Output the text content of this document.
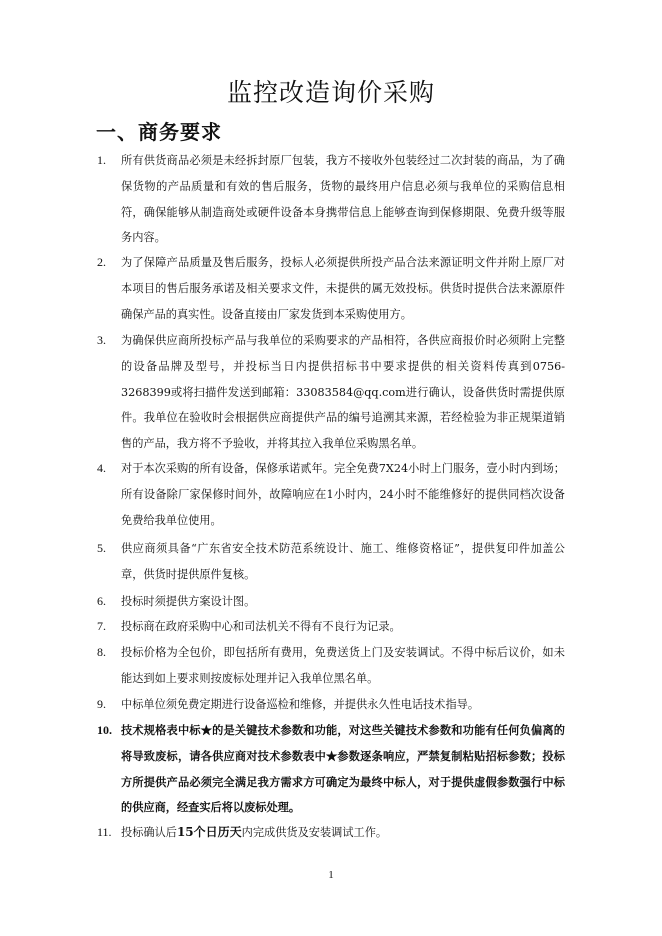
监控改造询价采购
一、商务要求
1.	所有供货商品必须是未经拆封原厂包装，我方不接收外包装经过二次封装的商品，为了确保货物的产品质量和有效的售后服务，货物的最终用户信息必须与我单位的采购信息相符，确保能够从制造商处或硬件设备本身携带信息上能够查询到保修期限、免费升级等服务内容。
2.	为了保障产品质量及售后服务，投标人必须提供所投产品合法来源证明文件并附上原厂对本项目的售后服务承诺及相关要求文件，未提供的属无效投标。供货时提供合法来源原件确保产品的真实性。设备直接由厂家发货到本采购使用方。
3.	为确保供应商所投标产品与我单位的采购要求的产品相符，各供应商报价时必须附上完整的设备品牌及型号，并投标当日内提供招标书中要求提供的相关资料传真到0756-3268399或将扫描件发送到邮箱：33083584@qq.com进行确认，设备供货时需提供原件。我单位在验收时会根据供应商提供产品的编号追溯其来源，若经检验为非正规渠道销售的产品，我方将不予验收，并将其拉入我单位采购黑名单。
4.	对于本次采购的所有设备，保修承诺贰年。完全免费7X24小时上门服务，壹小时内到场；所有设备除厂家保修时间外，故障响应在1小时内，24小时不能维修好的提供同档次设备免费给我单位使用。
5.	供应商须具备“广东省安全技术防范系统设计、施工、维修资格证”，提供复印件加盖公章，供货时提供原件复核。
6.	投标时须提供方案设计图。
7.	投标商在政府采购中心和司法机关不得有不良行为记录。
8.	投标价格为全包价，即包括所有费用，免费送货上门及安装调试。不得中标后议价，如未能达到如上要求则按废标处理并记入我单位黑名单。
9.	中标单位须免费定期进行设备巡检和维修，并提供永久性电话技术指导。
10. 技术规格表中标★的是关键技术参数和功能，对这些关键技术参数和功能有任何负偏离的将导致废标，请各供应商对技术参数表中★参数逐条响应，严禁复制粘贴招标参数；投标方所提供产品必须完全满足我方需求方可确定为最终中标人，对于提供虚假参数强行中标的供应商，经查实后将以废标处理。
11. 投标确认后15个日历天内完成供货及安装调试工作。
1
